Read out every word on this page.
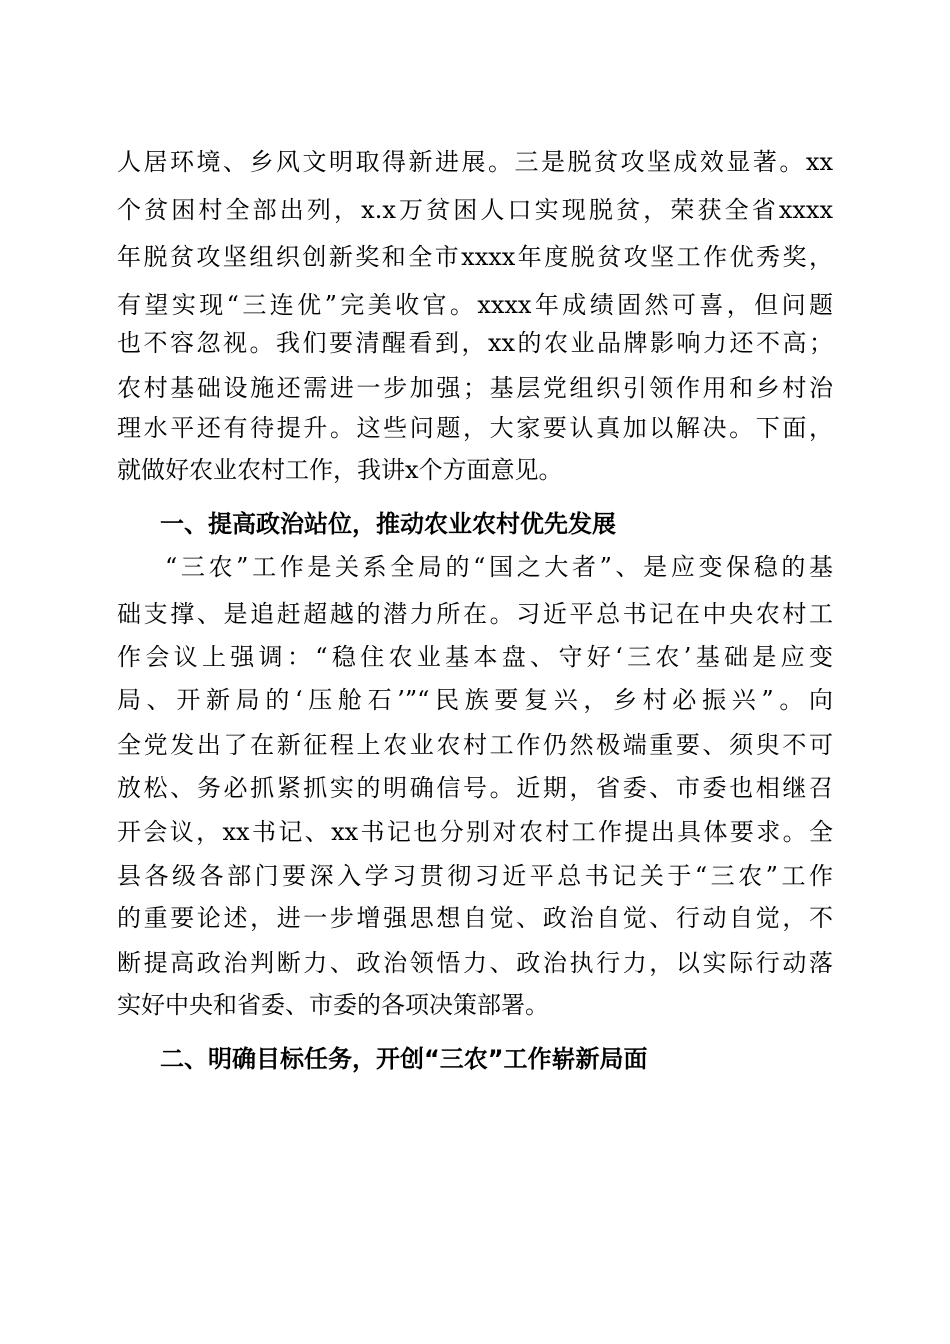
人居环境、乡风文明取得新进展。三是脱贫攻坚成效显著。xx
个贫困村全部出列，x.x万贫困人口实现脱贫，荣获全省xxxx
年脱贫攻坚组织创新奖和全市xxxx年度脱贫攻坚工作优秀奖，
有望实现“三连优”完美收官。xxxx年成绩固然可喜，但问题
也不容忽视。我们要清醒看到，xx的农业品牌影响力还不高；
农村基础设施还需进一步加强；基层党组织引领作用和乡村治
理水平还有待提升。这些问题，大家要认真加以解决。下面，
就做好农业农村工作，我讲x个方面意见。
一、提高政治站位，推动农业农村优先发展
“三农”工作是关系全局的“国之大者”、是应变保稳的基
础支撑、是追赶超越的潜力所在。习近平总书记在中央农村工
作会议上强调：“稳住农业基本盘、守好‘三农’基础是应变
局、开新局的‘压舱石’”“民族要复兴，乡村必振兴”。向
全党发出了在新征程上农业农村工作仍然极端重要、须臾不可
放松、务必抓紧抓实的明确信号。近期，省委、市委也相继召
开会议，xx书记、xx书记也分别对农村工作提出具体要求。全
县各级各部门要深入学习贯彻习近平总书记关于“三农”工作
的重要论述，进一步增强思想自觉、政治自觉、行动自觉，不
断提高政治判断力、政治领悟力、政治执行力，以实际行动落
实好中央和省委、市委的各项决策部署。
二、明确目标任务，开创“三农”工作崭新局面
